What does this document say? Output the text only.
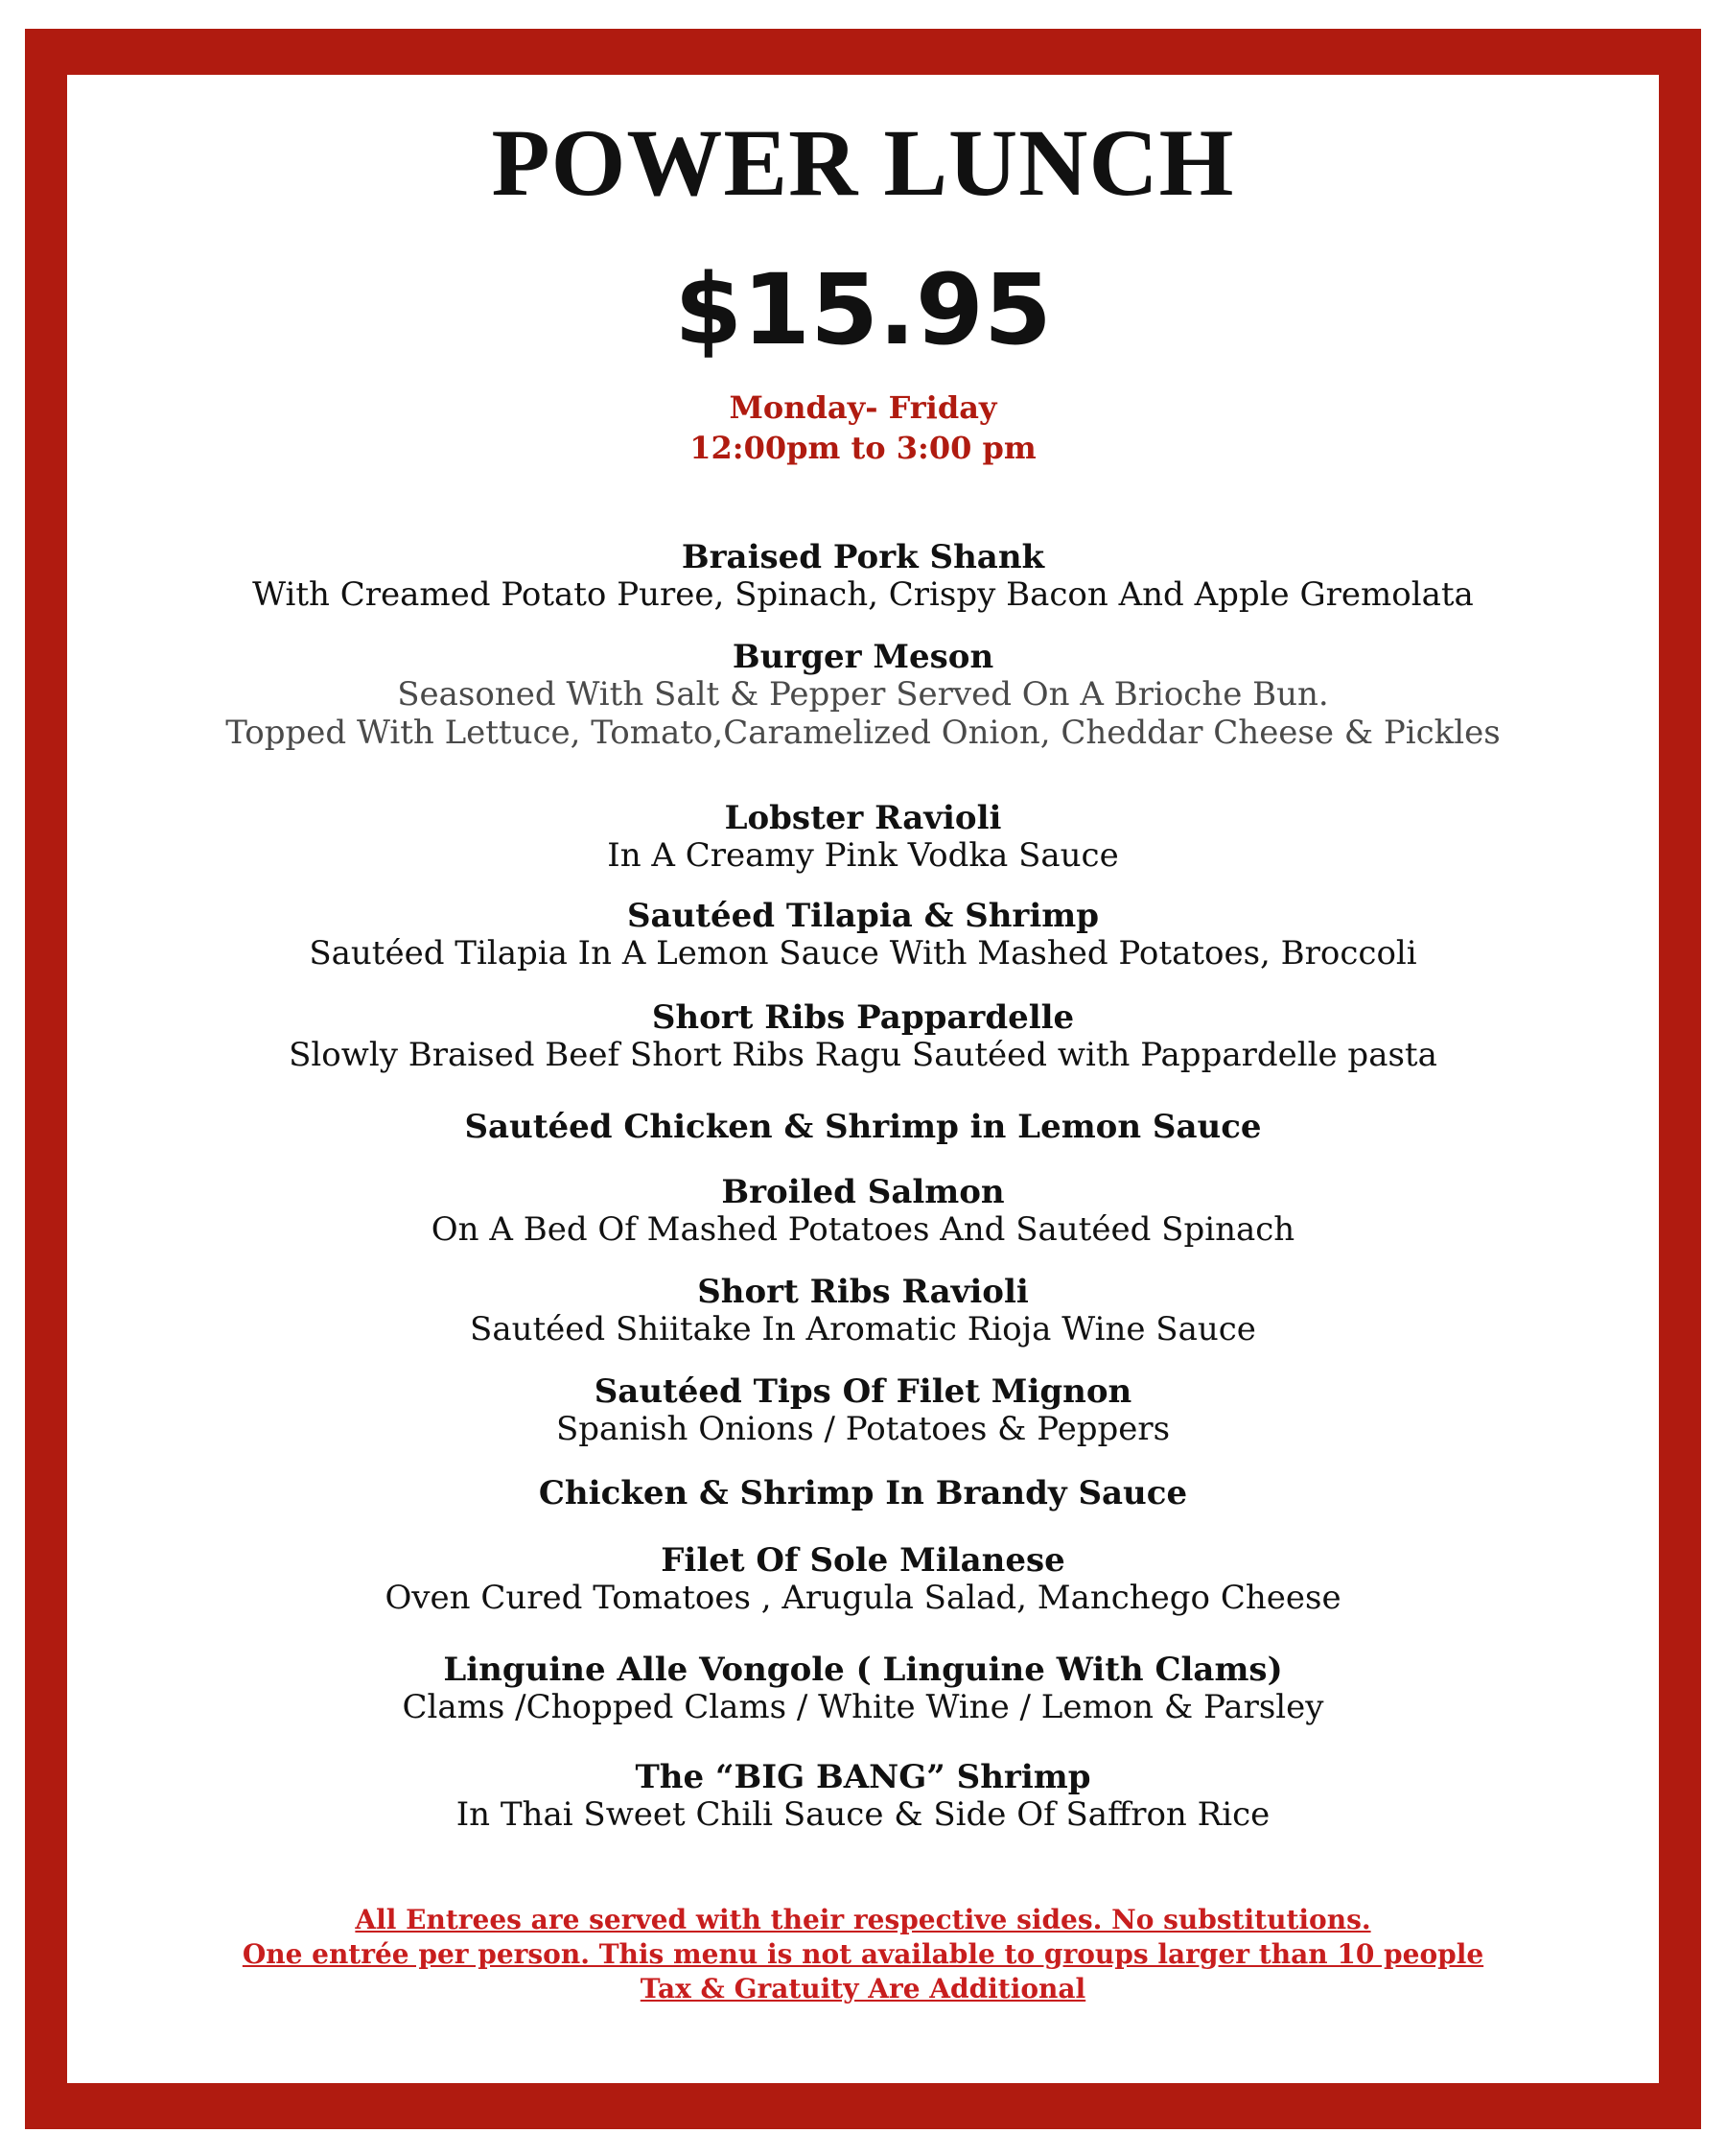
POWER LUNCH
$15.95
Monday- Friday
12:00pm to 3:00 pm
Braised Pork Shank
With Creamed Potato Puree, Spinach, Crispy Bacon And Apple Gremolata
Burger Meson
Seasoned With Salt & Pepper Served On A Brioche Bun.
Topped With Lettuce, Tomato,Caramelized Onion, Cheddar Cheese & Pickles
Lobster Ravioli
In A Creamy Pink Vodka Sauce
Sautéed Tilapia & Shrimp
Sautéed Tilapia In A Lemon Sauce With Mashed Potatoes, Broccoli
Short Ribs Pappardelle
Slowly Braised Beef Short Ribs Ragu Sautéed with Pappardelle pasta
Sautéed Chicken & Shrimp in Lemon Sauce
Broiled Salmon
On A Bed Of Mashed Potatoes And Sautéed Spinach
Short Ribs Ravioli
Sautéed Shiitake In Aromatic Rioja Wine Sauce
Sautéed Tips Of Filet Mignon
Spanish Onions / Potatoes & Peppers
Chicken & Shrimp In Brandy Sauce
Filet Of Sole Milanese
Oven Cured Tomatoes , Arugula Salad, Manchego Cheese
Linguine Alle Vongole ( Linguine With Clams)
Clams /Chopped Clams / White Wine / Lemon & Parsley
The “BIG BANG” Shrimp
In Thai Sweet Chili Sauce & Side Of Saffron Rice
All Entrees are served with their respective sides. No substitutions.
One entrée per person. This menu is not available to groups larger than 10 people
Tax & Gratuity Are Additional
